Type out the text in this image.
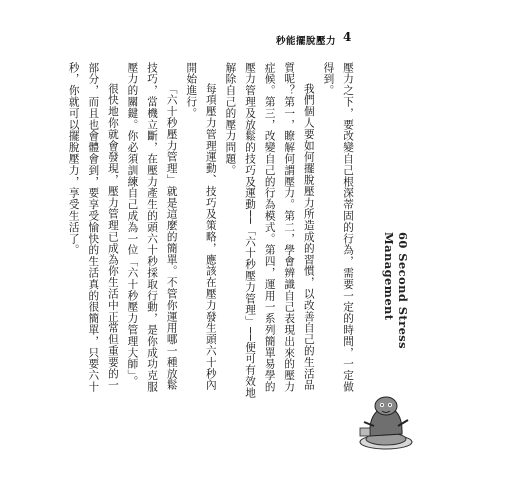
秒能擺脫壓力 4

壓力之下，要改變自己根深蒂固的行為，需要一定的時間，一定做得到。

我們個人要如何擺脫壓力所造成的習慣，以改善自己的生活品質呢？第一，瞭解何謂壓力。第二，學會辨識自己表現出來的壓力症候。第三，改變自己的行為模式。第四，運用一系列簡單易學的壓力管理及放鬆的技巧及運動──「六十秒壓力管理」──便可有效地解除自己的壓力問題。

每項壓力管理運動、技巧及策略，應該在壓力發生頭六十秒內開始進行。

「六十秒壓力管理」就是這麼的簡單。不管你運用哪一種放鬆技巧，當機立斷，在壓力產生的頭六十秒採取行動，是你成功克服壓力的關鍵。你必須訓練自己成為一位「六十秒壓力管理大師」。

很快地你就會發現，壓力管理已成為你生活中正常但重要的一部分，而且也會體會到，要享受愉快的生活真的很簡單，只要六十秒，你就可以擺脫壓力，享受生活了。

60 Second Stress Management
